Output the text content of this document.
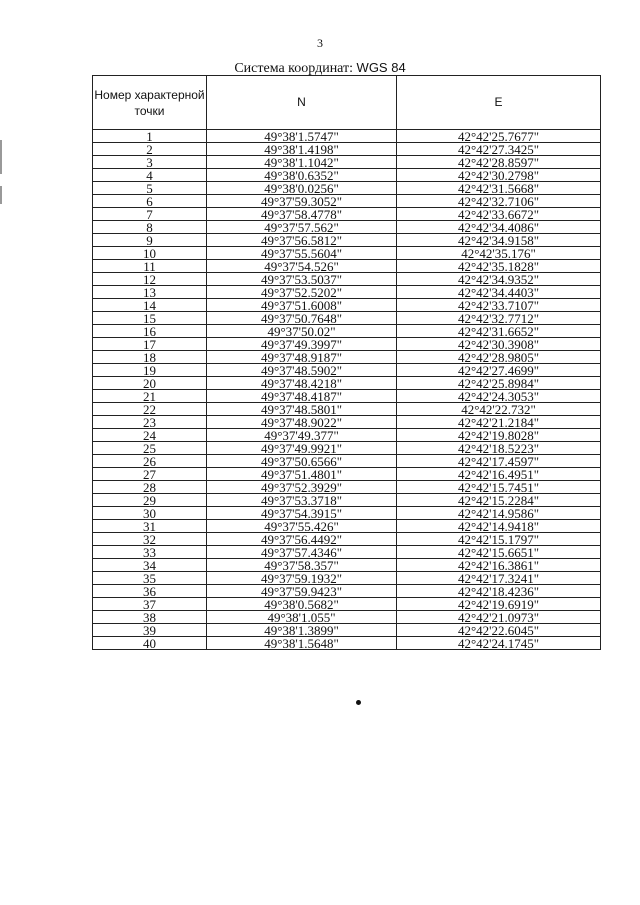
3
Система координат: WGS 84
Номер характерной точки	N	E
1	49°38'1.5747"	42°42'25.7677"
2	49°38'1.4198"	42°42'27.3425"
3	49°38'1.1042"	42°42'28.8597"
4	49°38'0.6352"	42°42'30.2798"
5	49°38'0.0256"	42°42'31.5668"
6	49°37'59.3052"	42°42'32.7106"
7	49°37'58.4778"	42°42'33.6672"
8	49°37'57.562"	42°42'34.4086"
9	49°37'56.5812"	42°42'34.9158"
10	49°37'55.5604"	42°42'35.176"
11	49°37'54.526"	42°42'35.1828"
12	49°37'53.5037"	42°42'34.9352"
13	49°37'52.5202"	42°42'34.4403"
14	49°37'51.6008"	42°42'33.7107"
15	49°37'50.7648"	42°42'32.7712"
16	49°37'50.02"	42°42'31.6652"
17	49°37'49.3997"	42°42'30.3908"
18	49°37'48.9187"	42°42'28.9805"
19	49°37'48.5902"	42°42'27.4699"
20	49°37'48.4218"	42°42'25.8984"
21	49°37'48.4187"	42°42'24.3053"
22	49°37'48.5801"	42°42'22.732"
23	49°37'48.9022"	42°42'21.2184"
24	49°37'49.377"	42°42'19.8028"
25	49°37'49.9921"	42°42'18.5223"
26	49°37'50.6566"	42°42'17.4597"
27	49°37'51.4801"	42°42'16.4951"
28	49°37'52.3929"	42°42'15.7451"
29	49°37'53.3718"	42°42'15.2284"
30	49°37'54.3915"	42°42'14.9586"
31	49°37'55.426"	42°42'14.9418"
32	49°37'56.4492"	42°42'15.1797"
33	49°37'57.4346"	42°42'15.6651"
34	49°37'58.357"	42°42'16.3861"
35	49°37'59.1932"	42°42'17.3241"
36	49°37'59.9423"	42°42'18.4236"
37	49°38'0.5682"	42°42'19.6919"
38	49°38'1.055"	42°42'21.0973"
39	49°38'1.3899"	42°42'22.6045"
40	49°38'1.5648"	42°42'24.1745"
